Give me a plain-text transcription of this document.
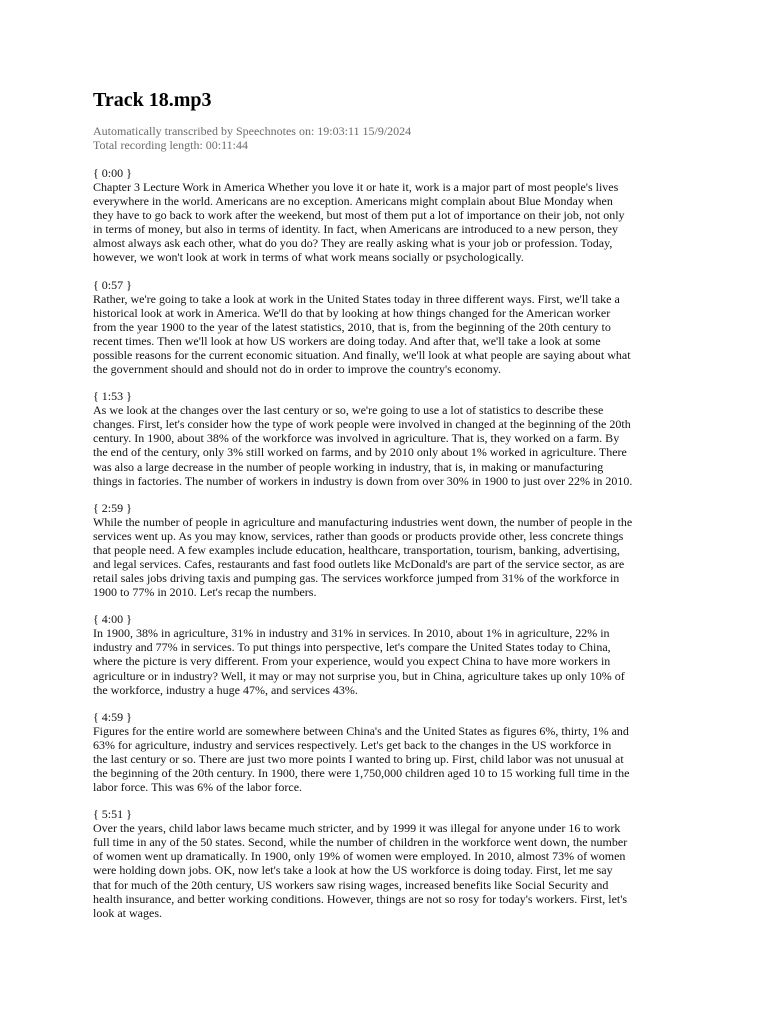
Track 18.mp3
Automatically transcribed by Speechnotes on: 19:03:11 15/9/2024
Total recording length: 00:11:44
{ 0:00 }
Chapter 3 Lecture Work in America Whether you love it or hate it, work is a major part of most people's lives
everywhere in the world. Americans are no exception. Americans might complain about Blue Monday when
they have to go back to work after the weekend, but most of them put a lot of importance on their job, not only
in terms of money, but also in terms of identity. In fact, when Americans are introduced to a new person, they
almost always ask each other, what do you do? They are really asking what is your job or profession. Today,
however, we won't look at work in terms of what work means socially or psychologically.
{ 0:57 }
Rather, we're going to take a look at work in the United States today in three different ways. First, we'll take a
historical look at work in America. We'll do that by looking at how things changed for the American worker
from the year 1900 to the year of the latest statistics, 2010, that is, from the beginning of the 20th century to
recent times. Then we'll look at how US workers are doing today. And after that, we'll take a look at some
possible reasons for the current economic situation. And finally, we'll look at what people are saying about what
the government should and should not do in order to improve the country's economy.
{ 1:53 }
As we look at the changes over the last century or so, we're going to use a lot of statistics to describe these
changes. First, let's consider how the type of work people were involved in changed at the beginning of the 20th
century. In 1900, about 38% of the workforce was involved in agriculture. That is, they worked on a farm. By
the end of the century, only 3% still worked on farms, and by 2010 only about 1% worked in agriculture. There
was also a large decrease in the number of people working in industry, that is, in making or manufacturing
things in factories. The number of workers in industry is down from over 30% in 1900 to just over 22% in 2010.
{ 2:59 }
While the number of people in agriculture and manufacturing industries went down, the number of people in the
services went up. As you may know, services, rather than goods or products provide other, less concrete things
that people need. A few examples include education, healthcare, transportation, tourism, banking, advertising,
and legal services. Cafes, restaurants and fast food outlets like McDonald's are part of the service sector, as are
retail sales jobs driving taxis and pumping gas. The services workforce jumped from 31% of the workforce in
1900 to 77% in 2010. Let's recap the numbers.
{ 4:00 }
In 1900, 38% in agriculture, 31% in industry and 31% in services. In 2010, about 1% in agriculture, 22% in
industry and 77% in services. To put things into perspective, let's compare the United States today to China,
where the picture is very different. From your experience, would you expect China to have more workers in
agriculture or in industry? Well, it may or may not surprise you, but in China, agriculture takes up only 10% of
the workforce, industry a huge 47%, and services 43%.
{ 4:59 }
Figures for the entire world are somewhere between China's and the United States as figures 6%, thirty, 1% and
63% for agriculture, industry and services respectively. Let's get back to the changes in the US workforce in
the last century or so. There are just two more points I wanted to bring up. First, child labor was not unusual at
the beginning of the 20th century. In 1900, there were 1,750,000 children aged 10 to 15 working full time in the
labor force. This was 6% of the labor force.
{ 5:51 }
Over the years, child labor laws became much stricter, and by 1999 it was illegal for anyone under 16 to work
full time in any of the 50 states. Second, while the number of children in the workforce went down, the number
of women went up dramatically. In 1900, only 19% of women were employed. In 2010, almost 73% of women
were holding down jobs. OK, now let's take a look at how the US workforce is doing today. First, let me say
that for much of the 20th century, US workers saw rising wages, increased benefits like Social Security and
health insurance, and better working conditions. However, things are not so rosy for today's workers. First, let's
look at wages.
